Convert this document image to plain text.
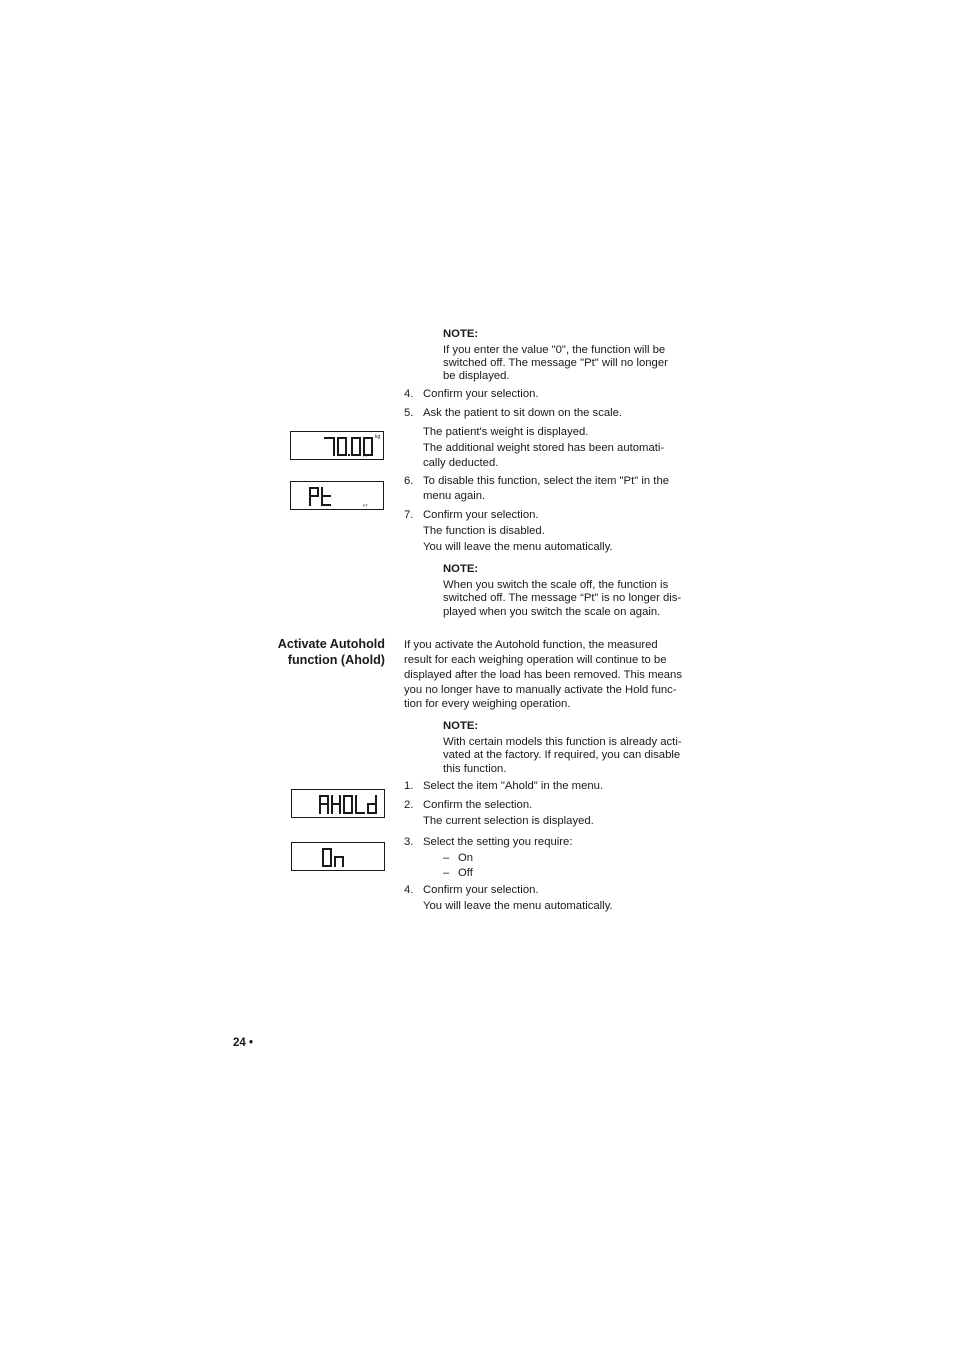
NOTE:
If you enter the value "0", the function will be
switched off. The message "Pt" will no longer
be displayed.
4. Confirm your selection.
5. Ask the patient to sit down on the scale.
The patient's weight is displayed.
The additional weight stored has been automati-
cally deducted.
6. To disable this function, select the item "Pt" in the
menu again.
7. Confirm your selection.
The function is disabled.
You will leave the menu automatically.
NOTE:
When you switch the scale off, the function is
switched off. The message “Pt” is no longer dis-
played when you switch the scale on again.
Activate Autohold
function (Ahold)
If you activate the Autohold function, the measured
result for each weighing operation will continue to be
displayed after the load has been removed. This means
you no longer have to manually activate the Hold func-
tion for every weighing operation.
NOTE:
With certain models this function is already acti-
vated at the factory. If required, you can disable
this function.
1. Select the item "Ahold" in the menu.
2. Confirm the selection.
The current selection is displayed.
3. Select the setting you require:
– On
– Off
4. Confirm your selection.
You will leave the menu automatically.
kg
PT
PT
24 •
